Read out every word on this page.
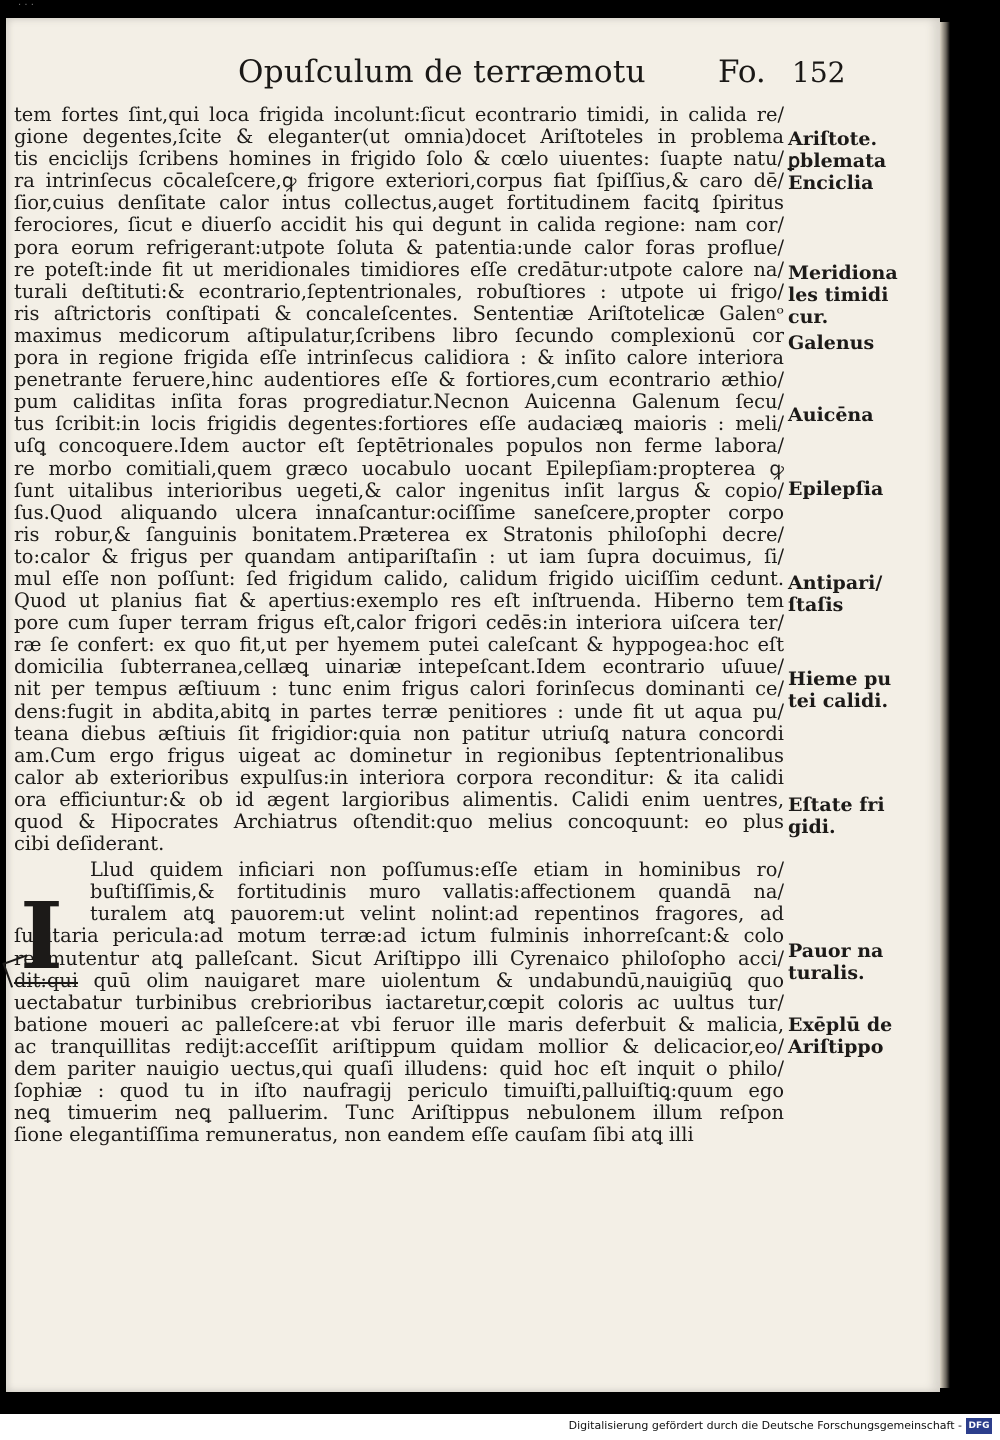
· · ·
Opuſculum de terræmotu Fo. 152
tem fortes ſint,qui loca frigida incolunt:ſicut econtrario timidi, in calida re/
gione degentes,ſcite & eleganter(ut omnia)docet Ariſtoteles in problema
tis enciclijs ſcribens homines in frigido ſolo & cœlo uiuentes: ſuapte natu/
ra intrinſecus cōcaleſcere,ꝙ frigore exteriori,corpus fiat ſpiſſius,& caro dē/
ſior,cuius denſitate calor intus collectus,auget fortitudinem facitꝗ ſpiritus
ferociores, ſicut e diuerſo accidit his qui degunt in calida regione: nam cor/
pora eorum refrigerant:utpote ſoluta & patentia:unde calor foras proflue/
re poteſt:inde fit ut meridionales timidiores eſſe credātur:utpote calore na/
turali deſtituti:& econtrario,ſeptentrionales, robuſtiores : utpote ui frigo/
ris aſtrictoris conſtipati & concaleſcentes. Sententiæ Ariſtotelicæ Galenᵒ
maximus medicorum aſtipulatur,ſcribens libro ſecundo complexionū cor
pora in regione frigida eſſe intrinſecus calidiora : & inſito calore interiora
penetrante feruere,hinc audentiores eſſe & fortiores,cum econtrario æthio/
pum caliditas inſita foras progrediatur.Necnon Auicenna Galenum ſecu/
tus ſcribit:in locis frigidis degentes:fortiores eſſe audaciæꝗ maioris : meli/
uſꝗ concoquere.Idem auctor eſt ſeptētrionales populos non ferme labora/
re morbo comitiali,quem græco uocabulo uocant Epilepſiam:propterea ꝙ
ſunt uitalibus interioribus uegeti,& calor ingenitus inſit largus & copio/
ſus.Quod aliquando ulcera innaſcantur:ociſſime saneſcere,propter corpo
ris robur,& ſanguinis bonitatem.Præterea ex Stratonis philoſophi decre/
to:calor & frigus per quandam antipariſtaſin : ut iam ſupra docuimus, ſi/
mul eſſe non poſſunt: ſed frigidum calido, calidum frigido uiciſſim cedunt.
Quod ut planius fiat & apertius:exemplo res eſt inſtruenda. Hiberno tem
pore cum ſuper terram frigus eſt,calor frigori cedēs:in interiora uiſcera ter/
ræ ſe confert: ex quo fit,ut per hyemem putei caleſcant & hyppogea:hoc eſt
domicilia ſubterranea,cellæꝗ uinariæ intepeſcant.Idem econtrario uſuue/
nit per tempus æſtiuum : tunc enim frigus calori forinſecus dominanti ce/
dens:fugit in abdita,abitꝗ in partes terræ penitiores : unde fit ut aqua pu/
teana diebus æſtiuis ſit frigidior:quia non patitur utriuſꝗ natura concordi
am.Cum ergo frigus uigeat ac dominetur in regionibus ſeptentrionalibus
calor ab exterioribus expulſus:in interiora corpora reconditur: & ita calidi
ora efficiuntur:& ob id ægent largioribus alimentis. Calidi enim uentres,
quod & Hipocrates Archiatrus oſtendit:quo melius concoquunt: eo plus
cibi deſiderant.
Llud quidem inficiari non poſſumus:eſſe etiam in hominibus ro/
buſtiſſimis,& fortitudinis muro vallatis:affectionem quandā na/
turalem atꝗ pauorem:ut velint nolint:ad repentinos fragores, ad
ſubitaria pericula:ad motum terræ:ad ictum fulminis inhorreſcant:& colo
re mutentur atꝗ palleſcant. Sicut Ariſtippo illi Cyrenaico philoſopho acci/
dit:qui quū olim nauigaret mare uiolentum & undabundū,nauigiūꝗ quo
uectabatur turbinibus crebrioribus iactaretur,cœpit coloris ac uultus tur/
batione moueri ac palleſcere:at vbi feruor ille maris deferbuit & malicia,
ac tranquillitas redijt:acceſſit ariſtippum quidam mollior & delicacior,eo/
dem pariter nauigio uectus,qui quaſi illudens: quid hoc eſt inquit o philo/
ſophiæ : quod tu in iſto naufragij periculo timuiſti,palluiſtiꝗ:quum ego
neꝗ timuerim neꝗ palluerim. Tunc Ariſtippus nebulonem illum reſpon
ſione elegantiſſima remuneratus, non eandem eſſe cauſam ſibi atꝗ illi
I
Ariſtote.
ꝑblemata
Enciclia
Meridiona
les timidi
cur.
Galenus
Auicēna
Epilepſia
Antipari/
ſtaſis
Hieme pu
tei calidi.
Eſtate fri
gidi.
Pauor na
turalis.
Exēplū de
Ariſtippo
Digitalisierung gefördert durch die Deutsche Forschungsgemeinschaft - DFG
